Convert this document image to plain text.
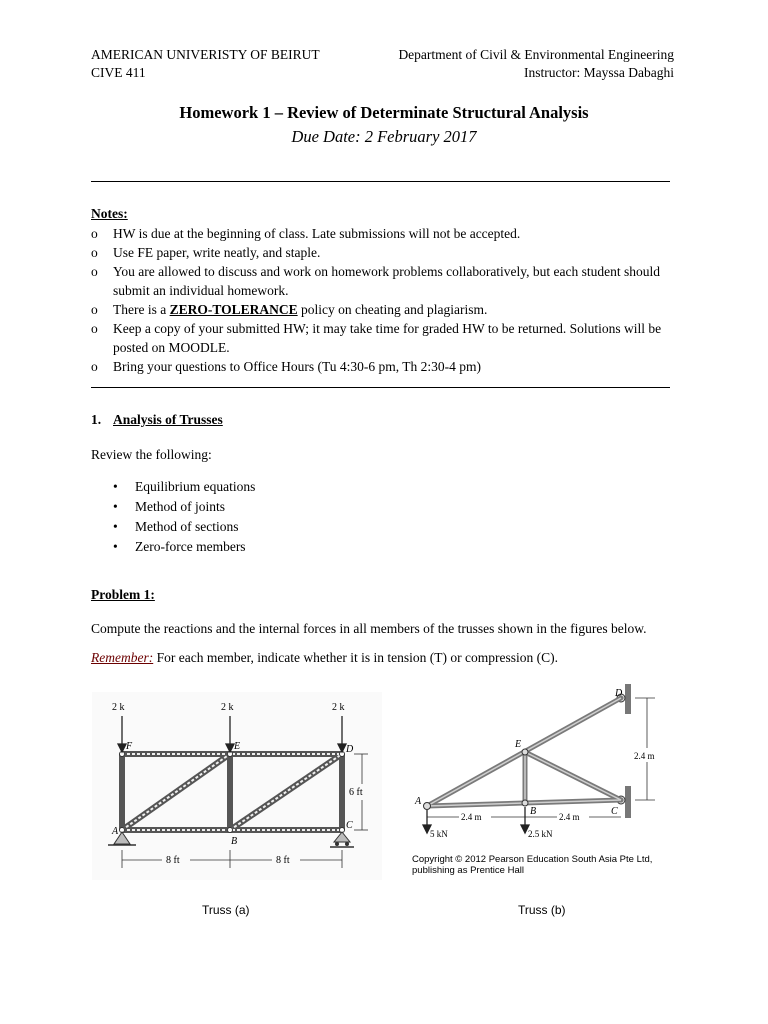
AMERICAN UNIVERISTY OF BEIRUT
CIVE 411
Department of Civil & Environmental Engineering
Instructor: Mayssa Dabaghi
Homework 1 – Review of Determinate Structural Analysis
Due Date: 2 February 2017
Notes:
o HW is due at the beginning of class. Late submissions will not be accepted.
o Use FE paper, write neatly, and staple.
o You are allowed to discuss and work on homework problems collaboratively, but each student should submit an individual homework.
o There is a ZERO-TOLERANCE policy on cheating and plagiarism.
o Keep a copy of your submitted HW; it may take time for graded HW to be returned. Solutions will be posted on MOODLE.
o Bring your questions to Office Hours (Tu 4:30-6 pm, Th 2:30-4 pm)
1. Analysis of Trusses
Review the following:
• Equilibrium equations
• Method of joints
• Method of sections
• Zero-force members
Problem 1:
Compute the reactions and the internal forces in all members of the trusses shown in the figures below.
Remember: For each member, indicate whether it is in tension (T) or compression (C).
2 k	2 k	2 k
F	E	D
A
B
C
8 ft	8 ft
6 ft
A
B	C
D
E
2.4 m
2.4 m	2.4 m
5 kN	2.5 kN
Copyright © 2012 Pearson Education South Asia Pte Ltd,
publishing as Prentice Hall
Truss (a)	Truss (b)
